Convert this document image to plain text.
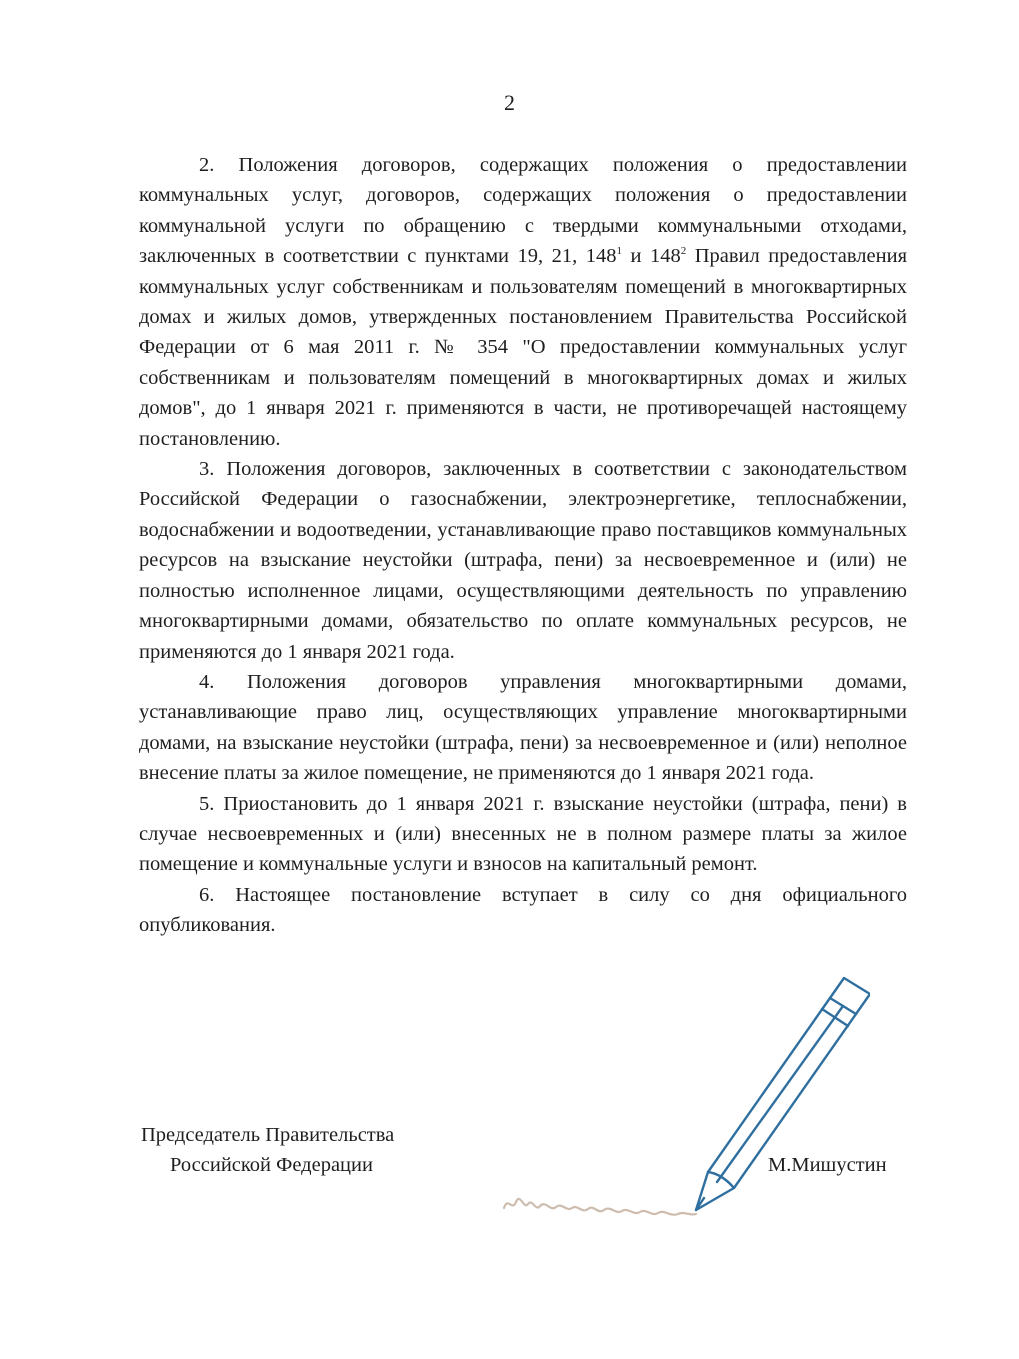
2

2. Положения договоров, содержащих положения о предоставлении коммунальных услуг, договоров, содержащих положения о предоставлении коммунальной услуги по обращению с твердыми коммунальными отходами, заключенных в соответствии с пунктами 19, 21, $148^1$ и $148^2$ Правил предоставления коммунальных услуг собственникам и пользователям помещений в многоквартирных домах и жилых домов, утвержденных постановлением Правительства Российской Федерации от 6 мая 2011 г. № 354 "О предоставлении коммунальных услуг собственникам и пользователям помещений в многоквартирных домах и жилых домов", до 1 января 2021 г. применяются в части, не противоречащей настоящему постановлению.

3. Положения договоров, заключенных в соответствии с законодательством Российской Федерации о газоснабжении, электроэнергетике, теплоснабжении, водоснабжении и водоотведении, устанавливающие право поставщиков коммунальных ресурсов на взыскание неустойки (штрафа, пени) за несвоевременное и (или) не полностью исполненное лицами, осуществляющими деятельность по управлению многоквартирными домами, обязательство по оплате коммунальных ресурсов, не применяются до 1 января 2021 года.

4. Положения договоров управления многоквартирными домами, устанавливающие право лиц, осуществляющих управление многоквартирными домами, на взыскание неустойки (штрафа, пени) за несвоевременное и (или) неполное внесение платы за жилое помещение, не применяются до 1 января 2021 года.

5. Приостановить до 1 января 2021 г. взыскание неустойки (штрафа, пени) в случае несвоевременных и (или) внесенных не в полном размере платы за жилое помещение и коммунальные услуги и взносов на капитальный ремонт.

6. Настоящее постановление вступает в силу со дня официального опубликования.

Председатель Правительства
Российской Федерации	М.Мишустин
